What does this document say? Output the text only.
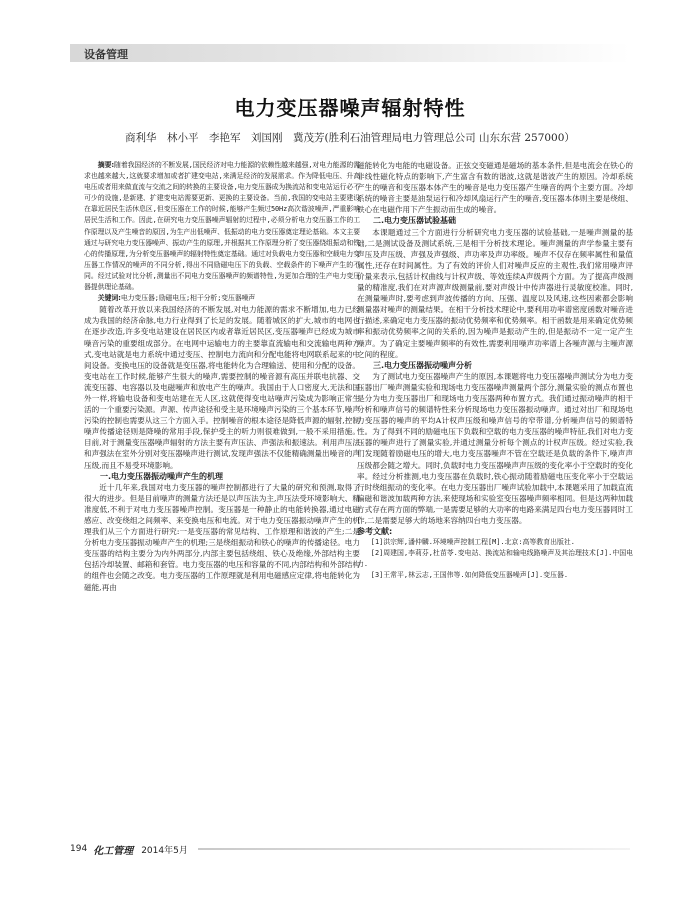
设备管理
电力变压器噪声辐射特性
商利华　林小平　李艳军　刘国刚　冀茂芳(胜利石油管理局电力管理总公司 山东东营 257000）

摘要:随着我国经济的不断发展,国民经济对电力能源的依赖性越来越强,对电力能源的需求也越来越大,这就要求增加或者扩建变电站,来满足经济的发展需求。作为降低电压、升高电压或者用来做直流与交流之间的转换的主要设备,电力变压器成为换流站和变电站运行必不可少的设施,是新建、扩建变电站需要更新、更换的主要设备。当前,我国的变电站主要建设在靠近居民生活休息区,但变压器在工作的时候,能够产生频过50Hz高次谐波噪声,严重影响居民生活和工作。因此,在研究电力变压器噪声辐射的过程中,必须分析电力变压器工作的工作原理以及产生噪音的原因,为生产出低噪声、低振动的电力变压器奠定理论基础。本文主要通过与研究电力变压器噪声、振动产生的原理,并根据其工作原理分析了变压器绕组振动和铁心的传播原理,为分析变压器噪声的辐射特性奠定基础。通过对负载电力变压器和空载电力变压器工作情况的噪声的不同分析,得出不同励磁电压下的负载、空载条件的下噪声产生的不同。经过试验对比分析,测量出不同电力变压器噪声的频谱特性,为更加合理的生产电力变压器提供理论基础。

关键词:电力变压器;励磁电压;相干分析;变压器噪声

随着改革开放以来我国经济的不断发展,对电力能源的需求不断增加,电力已经成为我国的经济命脉,电力行业得到了长足的发展。随着城区的扩大,城市的电网也在逐步改造,许多变电站建设在居民区内或者靠近居民区,变压器噪声已经成为城市噪音污染的重要组成部分。在电网中运输电力的主要靠直流输电和交流输电两种方式,变电站就是电力系统中通过变压、控制电力流向和分配电能将电网联系起来的中间设备。变换电压的设备就是变压器,将电能转化为合理输送、使用和分配的设备。变电站在工作时候,能够产生很大的噪声,需要控制的噪音源有高压并联电抗器、交流变压器、电容器以及电磁噪声和放电产生的噪声。我国由于人口密度大,无法和国外一样,将输电设备和变电站建在无人区,这就使得变电站噪声污染成为影响正常生活的一个重要污染源。声源、传声途径和受主是环境噪声污染的三个基本环节,噪声污染的控制也需要从这三个方面入手。控制噪音的根本途径是降低声源的辐射,控制噪声传播途径则是降噪的常用手段,保护受主的听力则很难做到,一般不采用措施。目前,对于测量变压器噪声辐射的方法主要有声压法、声强法和振速法。利用声压法和声强法在室外分别对变压器噪声进行测试,发现声强法不仅能精确测量出噪音的声压级,而且不易受环境影响。

一.电力变压器振动噪声产生的机理

近十几年来,我国对电力变压器的噪声控制都进行了大量的研究和预测,取得了很大的进步。但是目前噪声的测量方法还是以声压法为主,声压法受环境影响大、精准度低,不利于对电力变压器噪声控制。变压器是一种静止的电能转换器,通过电磁感应、改变绕组之间频率、来变换电压和电流。对于电力变压器振动噪声产生的机理我们从三个方面进行研究:一是变压器的常见结构、工作原理和谐波的产生;二是分析电力变压器振动噪声产生的机理;三是绕组振动和铁心的噪声的传播途径。电力变压器的结构主要分为内外两部分,内部主要包括绕组、铁心及绝缘,外部结构主要包括冷却装置、邮箱和套管。电力变压器的电压和容量的不同,内部结构和外部结构的组件也会随之改变。电力变压器的工作原理就是利用电磁感应定律,将电能转化为磁能,再由

磁能转化为电能的电磁设备。正弦交变磁通是磁场的基本条件,但是电流会在铁心的非线性磁化特点的影响下,产生富含有数的谐波,这就是谐波产生的原因。冷却系统产生的噪音和变压器本体产生的噪音是电力变压器产生噪音的两个主要方面。冷却系统的噪音主要是油泵运行和冷却风扇运行产生的噪音,变压器本体则主要是绕组、铁心在电磁作用下产生振动而生成的噪音。

二.电力变压器试验基础

本课题通过三个方面进行分析研究电力变压器的试验基础,一是噪声测量的基础,二是测试设备及测试系统,三是相干分析技术理论。噪声测量的声学参量主要有声压及声压级、声强及声强级、声功率及声功率级。噪声不仅存在频率属性和量值属性,还存在时间属性。为了有效的评价人们对噪声反应的主观性,我们常用噪声评价量来表示,包括计权曲线与计权声级、等效连续A声级两个方面。为了提高声级测量的精准度,我们在对声源声级测量前,要对声级计中传声器进行灵敏度校准。同时,在测量噪声时,要考虑到声波传播的方向、压强、温度以及风速,这些因素都会影响测量器对噪声的测量结果。在相干分析技术理论中,要利用功率谱密度函数对噪音进行描述,来确定电力变压器的振动优势频率和优势频率。相干函数是用来确定优势频率和振动优势频率之间的关系的,因为噪声是振动产生的,但是振动不一定一定产生噪声。为了确定主要噪声频率的有效性,需要利用噪声功率谱上各噪声源与主噪声源之间的程度。

三.电力变压器振动噪声分析

为了测试电力变压器噪声产生的原因,本课题将电力变压器噪声测试分为电力变压器出厂噪声测量实验和现场电力变压器噪声测量两个部分,测量实验的测点布置也是分为电力变压器出厂和现场电力变压器两种布置方式。我们通过振动噪声的相干分析和噪声信号的频谱特性来分析现场电力变压器振动噪声。通过对出厂和现场电力变压器的噪声的平均A计权声压级和噪声信号的窄带谱,分析噪声信号的频谱特性。为了得到不同的励磁电压下负载和空载的电力变压器的噪声特征,我们对电力变压器的噪声进行了测量实验,并通过测量分析每个测点的计权声压级。经过实验,我们发现随着励磁电压的增大,电力变压器噪声不管在空载还是负载的条件下,噪声声压级都会随之增大。同时,负载时电力变压器噪声声压级的变化率小于空载时的变化率。经过分析推测,电力变压器在负载时,铁心振动随着励磁电压变化率小于空载运行时绕组振动的变化率。在电力变压器出厂噪声试验加载中,本课题采用了加载直流偏磁和谐波加载两种方法,来使现场和实验室变压器噪声频率相同。但是这两种加载方式存在两方面的弊端,一是需要足够的大功率的电路来满足四台电力变压器同时工作,二是需要足够大的场地来容纳四台电力变压器。

参考文献:

[1]洪宗辉,潘仲麟.环境噪声控制工程[M].北京:高等教育出版社.

[2]周建国,李莉芬,杜苗苓.变电站、换流站和输电线路噪声及其治理技术[J].中国电力.

[3]王常平,林云志,王国伟等.如何降低变压器噪声[J].变压器.

194 化工管理 2014年5月
